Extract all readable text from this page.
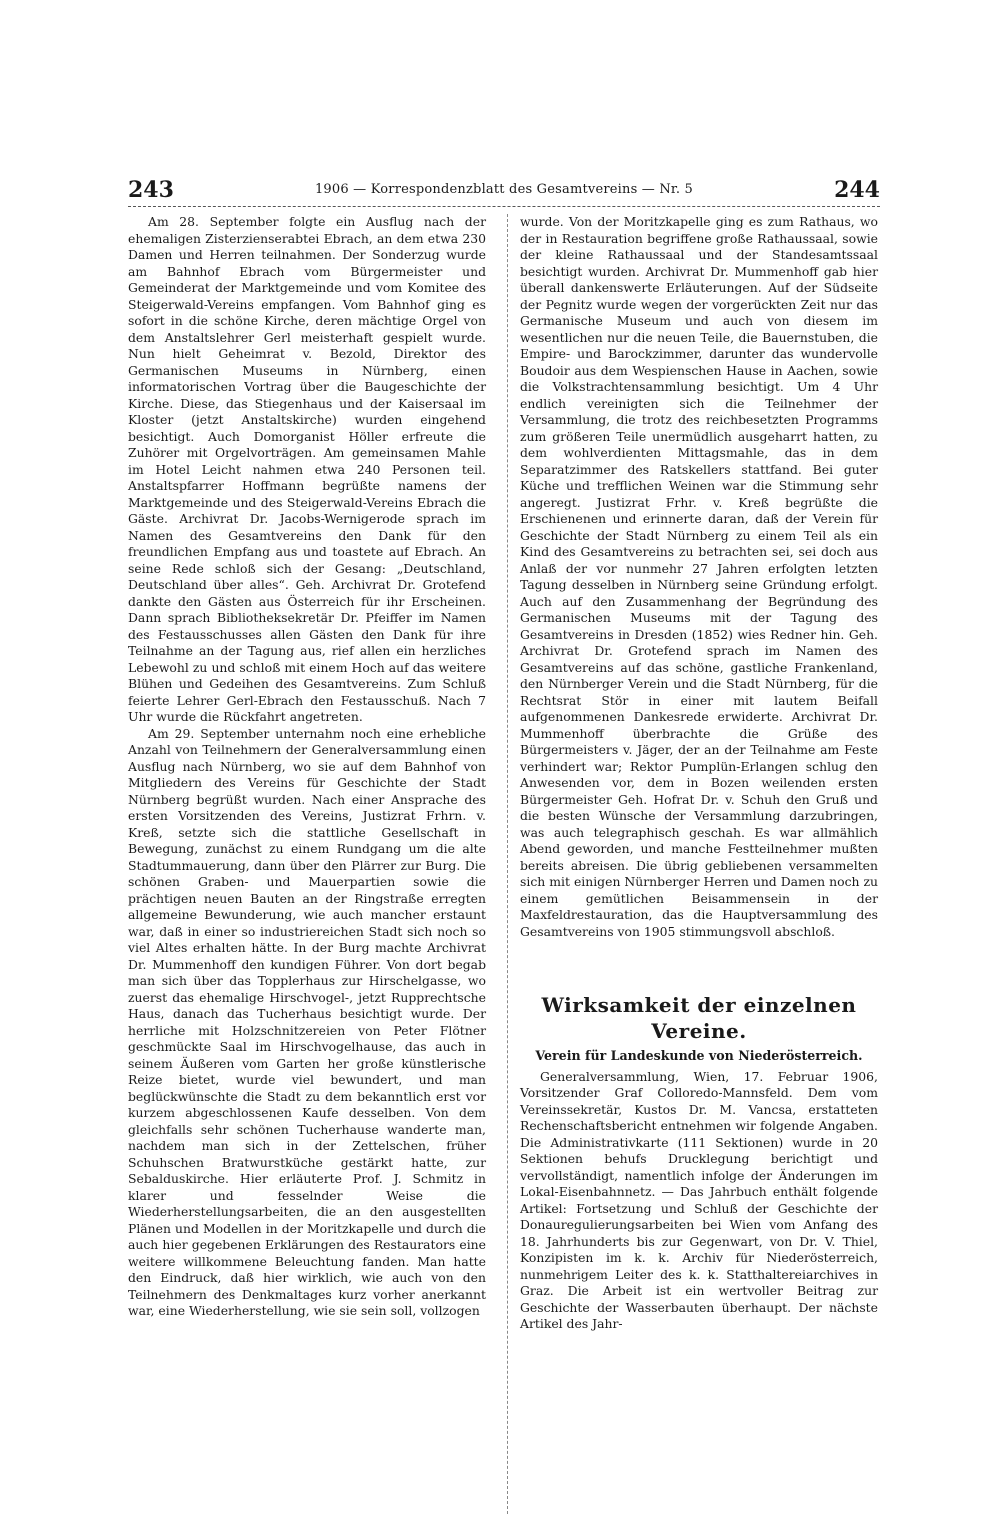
243	1906 — Korrespondenzblatt des Gesamtvereins — Nr. 5	244

Am 28. September folgte ein Ausflug nach der ehemaligen Zisterzienserabtei Ebrach, an dem etwa 230 Damen und Herren teilnahmen. Der Sonderzug wurde am Bahnhof Ebrach vom Bürgermeister und Gemeinderat der Marktgemeinde und vom Komitee des Steigerwald-Vereins empfangen. Vom Bahnhof ging es sofort in die schöne Kirche, deren mächtige Orgel von dem Anstaltslehrer Gerl meisterhaft gespielt wurde. Nun hielt Geheimrat v. Bezold, Direktor des Germanischen Museums in Nürnberg, einen informatorischen Vortrag über die Baugeschichte der Kirche. Diese, das Stiegenhaus und der Kaisersaal im Kloster (jetzt Anstaltskirche) wurden eingehend besichtigt. Auch Domorganist Höller erfreute die Zuhörer mit Orgelvorträgen. Am gemeinsamen Mahle im Hotel Leicht nahmen etwa 240 Personen teil. Anstaltspfarrer Hoffmann begrüßte namens der Marktgemeinde und des Steigerwald-Vereins Ebrach die Gäste. Archivrat Dr. Jacobs-Wernigerode sprach im Namen des Gesamtvereins den Dank für den freundlichen Empfang aus und toastete auf Ebrach. An seine Rede schloß sich der Gesang: „Deutschland, Deutschland über alles“. Geh. Archivrat Dr. Grotefend dankte den Gästen aus Österreich für ihr Erscheinen. Dann sprach Bibliotheksekretär Dr. Pfeiffer im Namen des Festausschusses allen Gästen den Dank für ihre Teilnahme an der Tagung aus, rief allen ein herzliches Lebewohl zu und schloß mit einem Hoch auf das weitere Blühen und Gedeihen des Gesamtvereins. Zum Schluß feierte Lehrer Gerl-Ebrach den Festausschuß. Nach 7 Uhr wurde die Rückfahrt angetreten.

Am 29. September unternahm noch eine erhebliche Anzahl von Teilnehmern der Generalversammlung einen Ausflug nach Nürnberg, wo sie auf dem Bahnhof von Mitgliedern des Vereins für Geschichte der Stadt Nürnberg begrüßt wurden. Nach einer Ansprache des ersten Vorsitzenden des Vereins, Justizrat Frhrn. v. Kreß, setzte sich die stattliche Gesellschaft in Bewegung, zunächst zu einem Rundgang um die alte Stadtummauerung, dann über den Plärrer zur Burg. Die schönen Graben- und Mauerpartien sowie die prächtigen neuen Bauten an der Ringstraße erregten allgemeine Bewunderung, wie auch mancher erstaunt war, daß in einer so industriereichen Stadt sich noch so viel Altes erhalten hätte. In der Burg machte Archivrat Dr. Mummenhoff den kundigen Führer. Von dort begab man sich über das Topplerhaus zur Hirschelgasse, wo zuerst das ehemalige Hirschvogel-, jetzt Rupprechtsche Haus, danach das Tucherhaus besichtigt wurde. Der herrliche mit Holzschnitzereien von Peter Flötner geschmückte Saal im Hirschvogelhause, das auch in seinem Äußeren vom Garten her große künstlerische Reize bietet, wurde viel bewundert, und man beglückwünschte die Stadt zu dem bekanntlich erst vor kurzem abgeschlossenen Kaufe desselben. Von dem gleichfalls sehr schönen Tucherhause wanderte man, nachdem man sich in der Zettelschen, früher Schuhschen Bratwurstküche gestärkt hatte, zur Sebalduskirche. Hier erläuterte Prof. J. Schmitz in klarer und fesselnder Weise die Wiederherstellungsarbeiten, die an den ausgestellten Plänen und Modellen in der Moritzkapelle und durch die auch hier gegebenen Erklärungen des Restaurators eine weitere willkommene Beleuchtung fanden. Man hatte den Eindruck, daß hier wirklich, wie auch von den Teilnehmern des Denkmaltages kurz vorher anerkannt war, eine Wiederherstellung, wie sie sein soll, vollzogen

wurde. Von der Moritzkapelle ging es zum Rathaus, wo der in Restauration begriffene große Rathaussaal, sowie der kleine Rathaussaal und der Standesamtssaal besichtigt wurden. Archivrat Dr. Mummenhoff gab hier überall dankenswerte Erläuterungen. Auf der Südseite der Pegnitz wurde wegen der vorgerückten Zeit nur das Germanische Museum und auch von diesem im wesentlichen nur die neuen Teile, die Bauernstuben, die Empire- und Barockzimmer, darunter das wundervolle Boudoir aus dem Wespienschen Hause in Aachen, sowie die Volkstrachtensammlung besichtigt. Um 4 Uhr endlich vereinigten sich die Teilnehmer der Versammlung, die trotz des reichbesetzten Programms zum größeren Teile unermüdlich ausgeharrt hatten, zu dem wohlverdienten Mittagsmahle, das in dem Separatzimmer des Ratskellers stattfand. Bei guter Küche und trefflichen Weinen war die Stimmung sehr angeregt. Justizrat Frhr. v. Kreß begrüßte die Erschienenen und erinnerte daran, daß der Verein für Geschichte der Stadt Nürnberg zu einem Teil als ein Kind des Gesamtvereins zu betrachten sei, sei doch aus Anlaß der vor nunmehr 27 Jahren erfolgten letzten Tagung desselben in Nürnberg seine Gründung erfolgt. Auch auf den Zusammenhang der Begründung des Germanischen Museums mit der Tagung des Gesamtvereins in Dresden (1852) wies Redner hin. Geh. Archivrat Dr. Grotefend sprach im Namen des Gesamtvereins auf das schöne, gastliche Frankenland, den Nürnberger Verein und die Stadt Nürnberg, für die Rechtsrat Stör in einer mit lautem Beifall aufgenommenen Dankesrede erwiderte. Archivrat Dr. Mummenhoff überbrachte die Grüße des Bürgermeisters v. Jäger, der an der Teilnahme am Feste verhindert war; Rektor Pumplün-Erlangen schlug den Anwesenden vor, dem in Bozen weilenden ersten Bürgermeister Geh. Hofrat Dr. v. Schuh den Gruß und die besten Wünsche der Versammlung darzubringen, was auch telegraphisch geschah. Es war allmählich Abend geworden, und manche Festteilnehmer mußten bereits abreisen. Die übrig gebliebenen versammelten sich mit einigen Nürnberger Herren und Damen noch zu einem gemütlichen Beisammensein in der Maxfeldrestauration, das die Hauptversammlung des Gesamtvereins von 1905 stimmungsvoll abschloß.

Wirksamkeit der einzelnen Vereine.
Verein für Landeskunde von Niederösterreich.

Generalversammlung, Wien, 17. Februar 1906, Vorsitzender Graf Colloredo-Mannsfeld. Dem vom Vereinssekretär, Kustos Dr. M. Vancsa, erstatteten Rechenschaftsbericht entnehmen wir folgende Angaben. Die Administrativkarte (111 Sektionen) wurde in 20 Sektionen behufs Drucklegung berichtigt und vervollständigt, namentlich infolge der Änderungen im Lokal-Eisenbahnnetz. — Das Jahrbuch enthält folgende Artikel: Fortsetzung und Schluß der Geschichte der Donauregulierungsarbeiten bei Wien vom Anfang des 18. Jahrhunderts bis zur Gegenwart, von Dr. V. Thiel, Konzipisten im k. k. Archiv für Niederösterreich, nunmehrigem Leiter des k. k. Statthaltereiarchives in Graz. Die Arbeit ist ein wertvoller Beitrag zur Geschichte der Wasserbauten überhaupt. Der nächste Artikel des Jahr-
